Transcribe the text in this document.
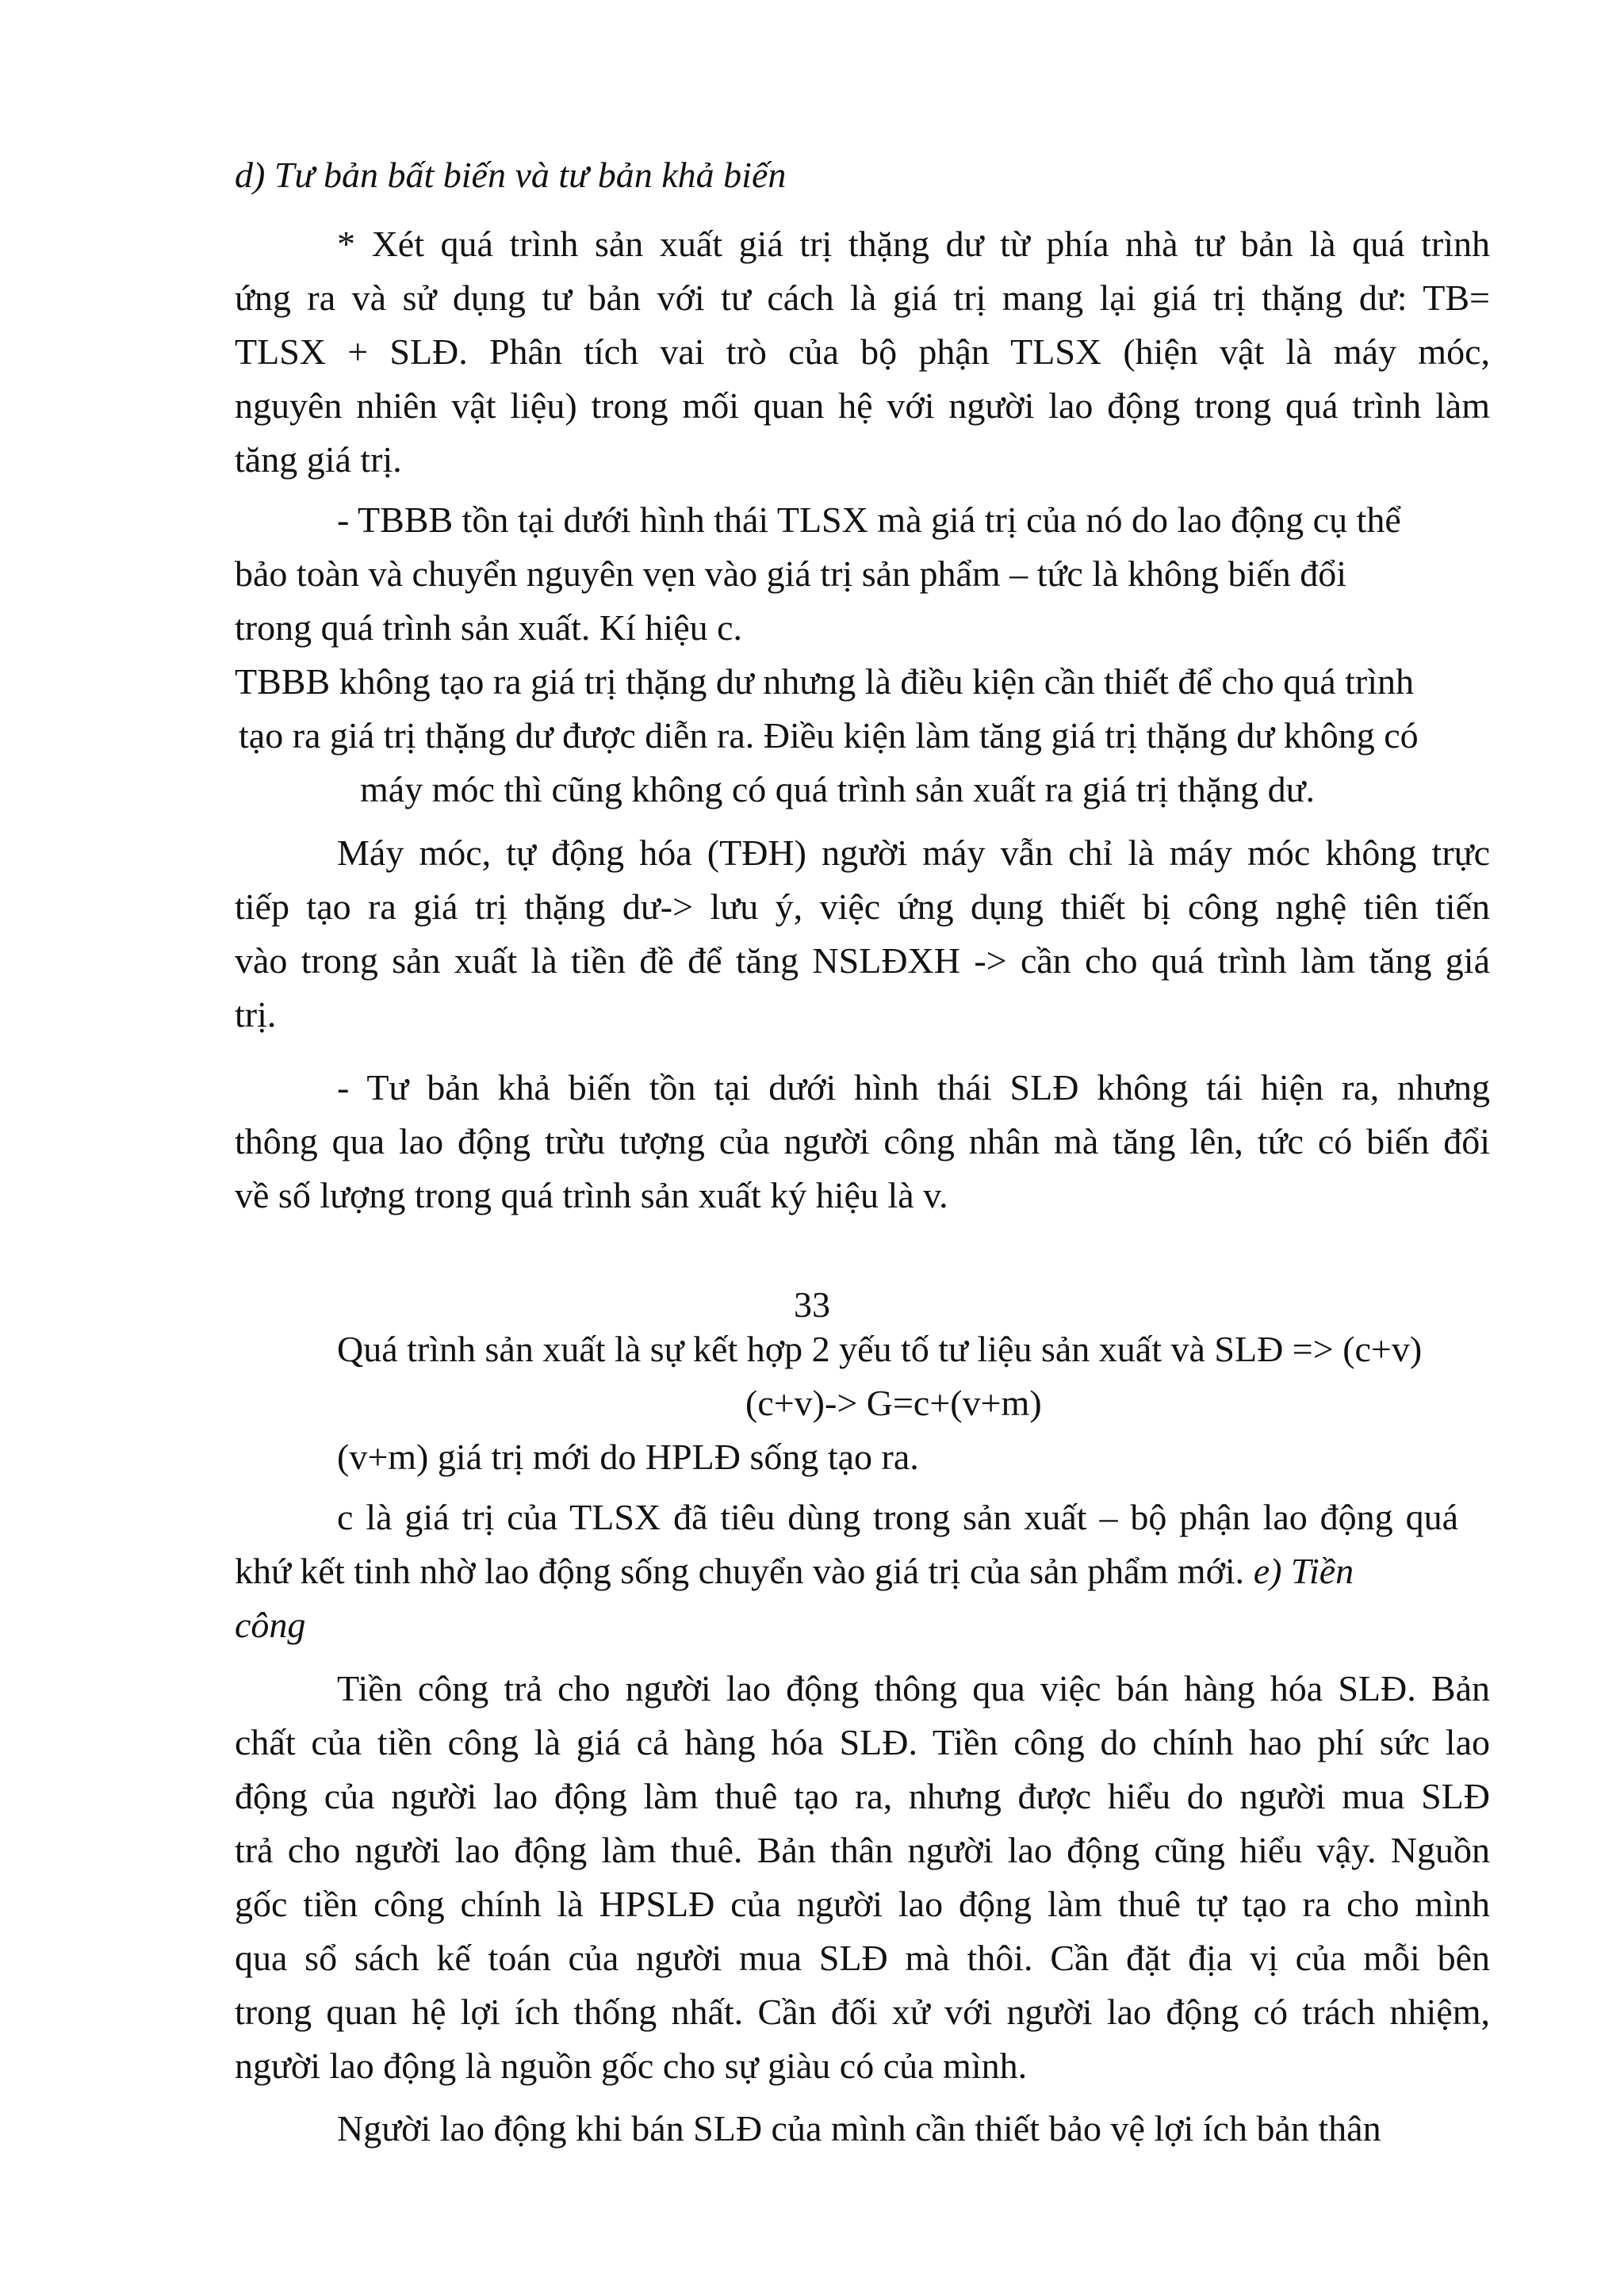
d) Tư bản bất biến và tư bản khả biến

* Xét quá trình sản xuất giá trị thặng dư từ phía nhà tư bản là quá trình

ứng ra và sử dụng tư bản với tư cách là giá trị mang lại giá trị thặng dư: TB=

TLSX + SLĐ. Phân tích vai trò của bộ phận TLSX (hiện vật là máy móc,

nguyên nhiên vật liệu) trong mối quan hệ với người lao động trong quá trình làm

tăng giá trị.

- TBBB tồn tại dưới hình thái TLSX mà giá trị của nó do lao động cụ thể

bảo toàn và chuyển nguyên vẹn vào giá trị sản phẩm – tức là không biến đổi

trong quá trình sản xuất. Kí hiệu c.

TBBB không tạo ra giá trị thặng dư nhưng là điều kiện cần thiết để cho quá trình

tạo ra giá trị thặng dư được diễn ra. Điều kiện làm tăng giá trị thặng dư không có

máy móc thì cũng không có quá trình sản xuất ra giá trị thặng dư.

Máy móc, tự động hóa (TĐH) người máy vẫn chỉ là máy móc không trực

tiếp tạo ra giá trị thặng dư-> lưu ý, việc ứng dụng thiết bị công nghệ tiên tiến

vào trong sản xuất là tiền đề để tăng NSLĐXH -> cần cho quá trình làm tăng giá

trị.

- Tư bản khả biến tồn tại dưới hình thái SLĐ không tái hiện ra, nhưng

thông qua lao động trừu tượng của người công nhân mà tăng lên, tức có biến đổi

về số lượng trong quá trình sản xuất ký hiệu là v.

33

Quá trình sản xuất là sự kết hợp 2 yếu tố tư liệu sản xuất và SLĐ => (c+v)

(c+v)-> G=c+(v+m)

(v+m) giá trị mới do HPLĐ sống tạo ra.

c là giá trị của TLSX đã tiêu dùng trong sản xuất – bộ phận lao động quá

khứ kết tinh nhờ lao động sống chuyển vào giá trị của sản phẩm mới. e) Tiền

công

Tiền công trả cho người lao động thông qua việc bán hàng hóa SLĐ. Bản

chất của tiền công là giá cả hàng hóa SLĐ. Tiền công do chính hao phí sức lao

động của người lao động làm thuê tạo ra, nhưng được hiểu do người mua SLĐ

trả cho người lao động làm thuê. Bản thân người lao động cũng hiểu vậy. Nguồn

gốc tiền công chính là HPSLĐ của người lao động làm thuê tự tạo ra cho mình

qua sổ sách kế toán của người mua SLĐ mà thôi. Cần đặt địa vị của mỗi bên

trong quan hệ lợi ích thống nhất. Cần đối xử với người lao động có trách nhiệm,

người lao động là nguồn gốc cho sự giàu có của mình.

Người lao động khi bán SLĐ của mình cần thiết bảo vệ lợi ích bản thân
